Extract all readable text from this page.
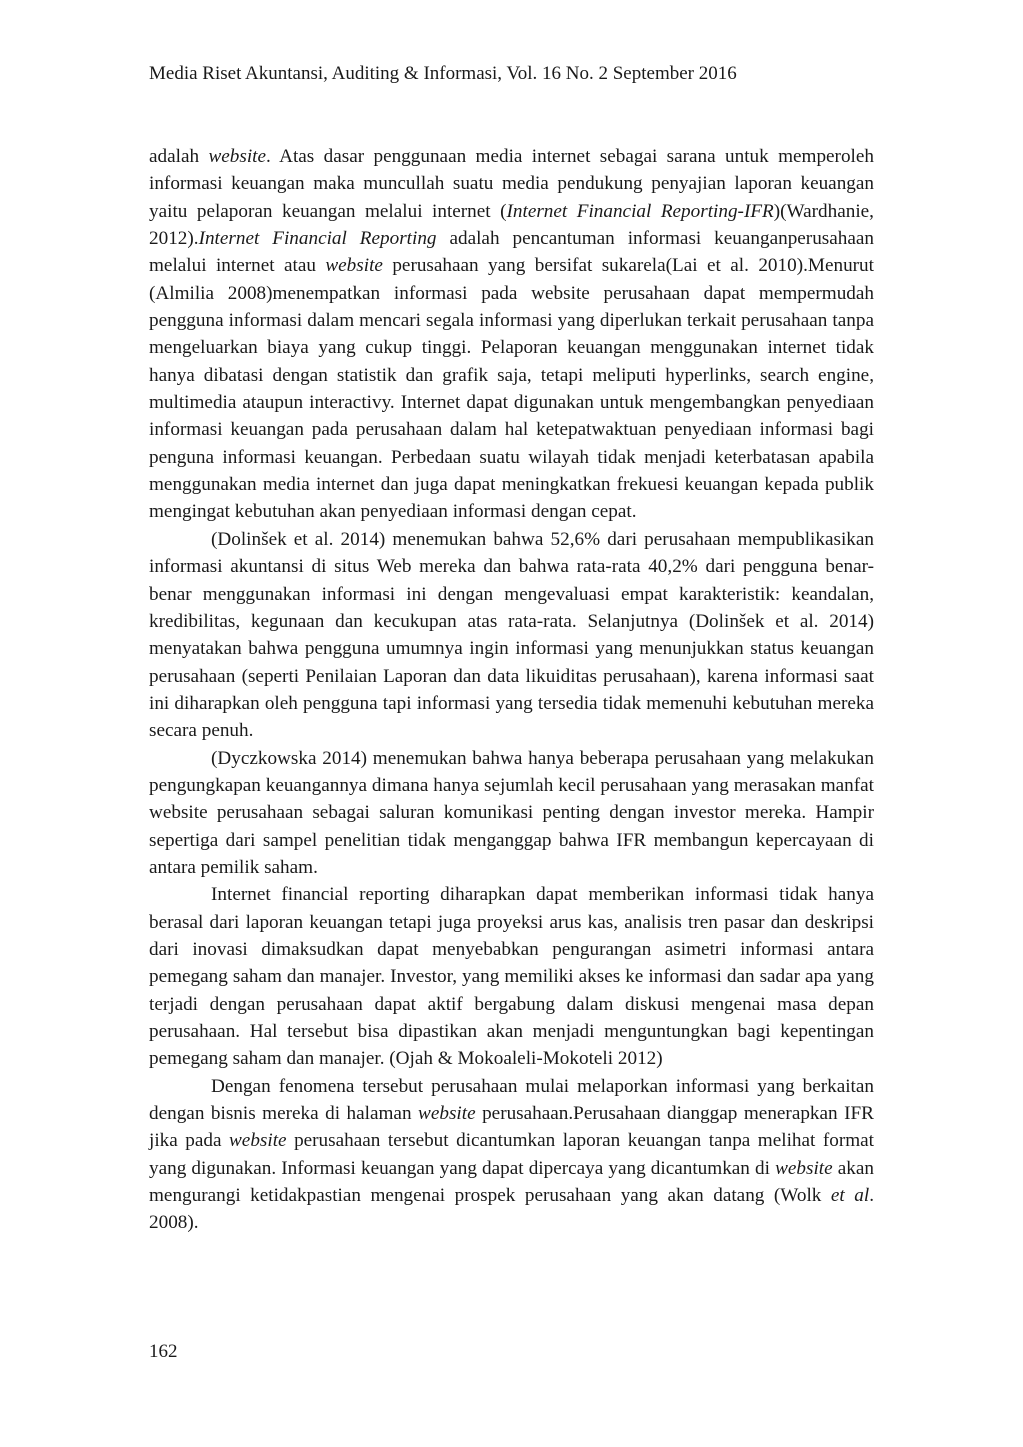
Media Riset Akuntansi, Auditing & Informasi, Vol. 16 No. 2 September 2016

adalah website. Atas dasar penggunaan media internet sebagai sarana untuk memperoleh informasi keuangan maka muncullah suatu media pendukung penyajian laporan keuangan yaitu pelaporan keuangan melalui internet (Internet Financial Reporting-IFR)(Wardhanie, 2012).Internet Financial Reporting adalah pencantuman informasi keuanganperusahaan melalui internet atau website perusahaan yang bersifat sukarela(Lai et al. 2010).Menurut (Almilia 2008)menempatkan informasi pada website perusahaan dapat mempermudah pengguna informasi dalam mencari segala informasi yang diperlukan terkait perusahaan tanpa mengeluarkan biaya yang cukup tinggi. Pelaporan keuangan menggunakan internet tidak hanya dibatasi dengan statistik dan grafik saja, tetapi meliputi hyperlinks, search engine, multimedia ataupun interactivy. Internet dapat digunakan untuk mengembangkan penyediaan informasi keuangan pada perusahaan dalam hal ketepatwaktuan penyediaan informasi bagi penguna informasi keuangan. Perbedaan suatu wilayah tidak menjadi keterbatasan apabila menggunakan media internet dan juga dapat meningkatkan frekuesi keuangan kepada publik mengingat kebutuhan akan penyediaan informasi dengan cepat.

(Dolinšek et al. 2014) menemukan bahwa 52,6% dari perusahaan mempublikasikan informasi akuntansi di situs Web mereka dan bahwa rata-rata 40,2% dari pengguna benar-benar menggunakan informasi ini dengan mengevaluasi empat karakteristik: keandalan, kredibilitas, kegunaan dan kecukupan atas rata-rata. Selanjutnya (Dolinšek et al. 2014) menyatakan bahwa pengguna umumnya ingin informasi yang menunjukkan status keuangan perusahaan (seperti Penilaian Laporan dan data likuiditas perusahaan), karena informasi saat ini diharapkan oleh pengguna tapi informasi yang tersedia tidak memenuhi kebutuhan mereka secara penuh.

(Dyczkowska 2014) menemukan bahwa hanya beberapa perusahaan yang melakukan pengungkapan keuangannya dimana hanya sejumlah kecil perusahaan yang merasakan manfat website perusahaan sebagai saluran komunikasi penting dengan investor mereka. Hampir sepertiga dari sampel penelitian tidak menganggap bahwa IFR membangun kepercayaan di antara pemilik saham.

Internet financial reporting diharapkan dapat memberikan informasi tidak hanya berasal dari laporan keuangan tetapi juga proyeksi arus kas, analisis tren pasar dan deskripsi dari inovasi dimaksudkan dapat menyebabkan pengurangan asimetri informasi antara pemegang saham dan manajer. Investor, yang memiliki akses ke informasi dan sadar apa yang terjadi dengan perusahaan dapat aktif bergabung dalam diskusi mengenai masa depan perusahaan. Hal tersebut bisa dipastikan akan menjadi menguntungkan bagi kepentingan pemegang saham dan manajer. (Ojah & Mokoaleli-Mokoteli 2012)

Dengan fenomena tersebut perusahaan mulai melaporkan informasi yang berkaitan dengan bisnis mereka di halaman website perusahaan.Perusahaan dianggap menerapkan IFR jika pada website perusahaan tersebut dicantumkan laporan keuangan tanpa melihat format yang digunakan. Informasi keuangan yang dapat dipercaya yang dicantumkan di website akan mengurangi ketidakpastian mengenai prospek perusahaan yang akan datang (Wolk et al. 2008).

162
